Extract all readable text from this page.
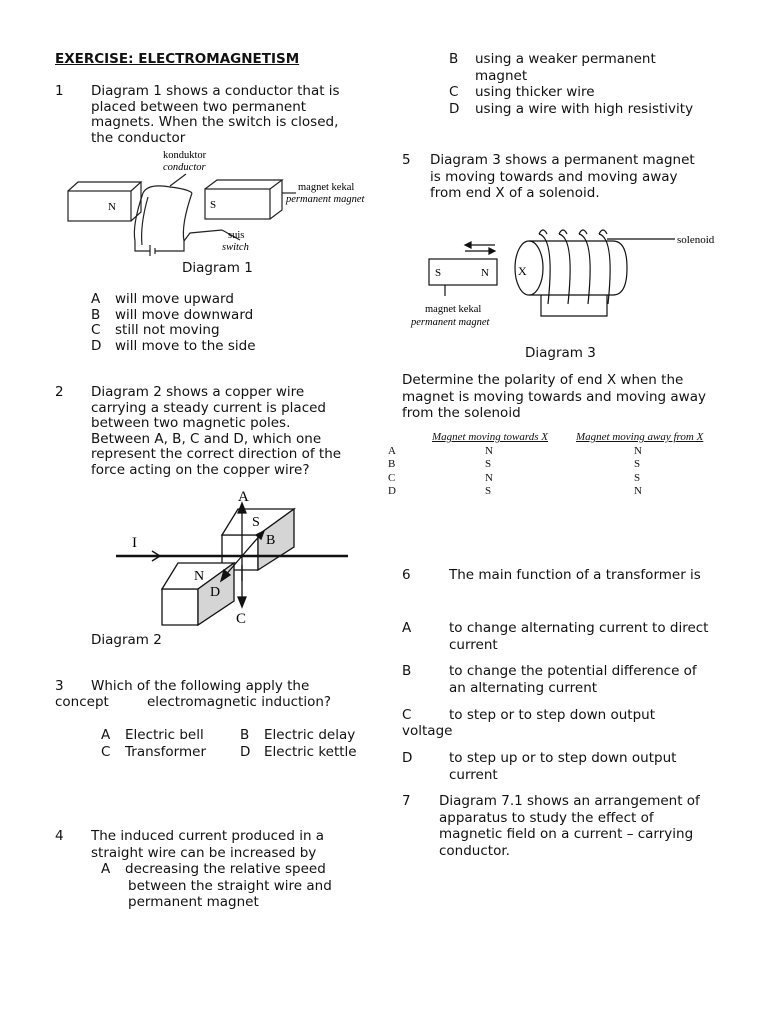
EXERCISE: ELECTROMAGNETISM
1 Diagram 1 shows a conductor that is
placed between two permanent
magnets. When the switch is closed,
the conductor
N	S
konduktor
conductor
magnet kekal
permanent magnet
suis
switch
Diagram 1
A will move upward
B will move downward
C still not moving
D will move to the side
2 Diagram 2 shows a copper wire
carrying a steady current is placed
between two magnetic poles.
Between A, B, C and D, which one
represent the correct direction of the
force acting on the copper wire?
A
S
B
I
N
D
C
Diagram 2
3 Which of the following apply the
concept	electromagnetic induction?
A Electric bell	B Electric delay
C Transformer	D Electric kettle
4 The induced current produced in a
straight wire can be increased by
A decreasing the relative speed
between the straight wire and
permanent magnet
B using a weaker permanent
magnet
C using thicker wire
D using a wire with high resistivity
5 Diagram 3 shows a permanent magnet
is moving towards and moving away
from end X of a solenoid.
S	N X
solenoid
magnet kekal
permanent magnet
Diagram 3
Determine the polarity of end X when the
magnet is moving towards and moving away
from the solenoid
Magnet moving towards X	Magnet moving away from X
A	N	N
B	S	S
C	N	S
D	S	N
6	The main function of a transformer is
A	to change alternating current to direct
current
B	to change the potential difference of
an alternating current
C	to step or to step down output
voltage
D	to step up or to step down output
current
7 Diagram 7.1 shows an arrangement of
apparatus to study the effect of
magnetic field on a current – carrying
conductor.
